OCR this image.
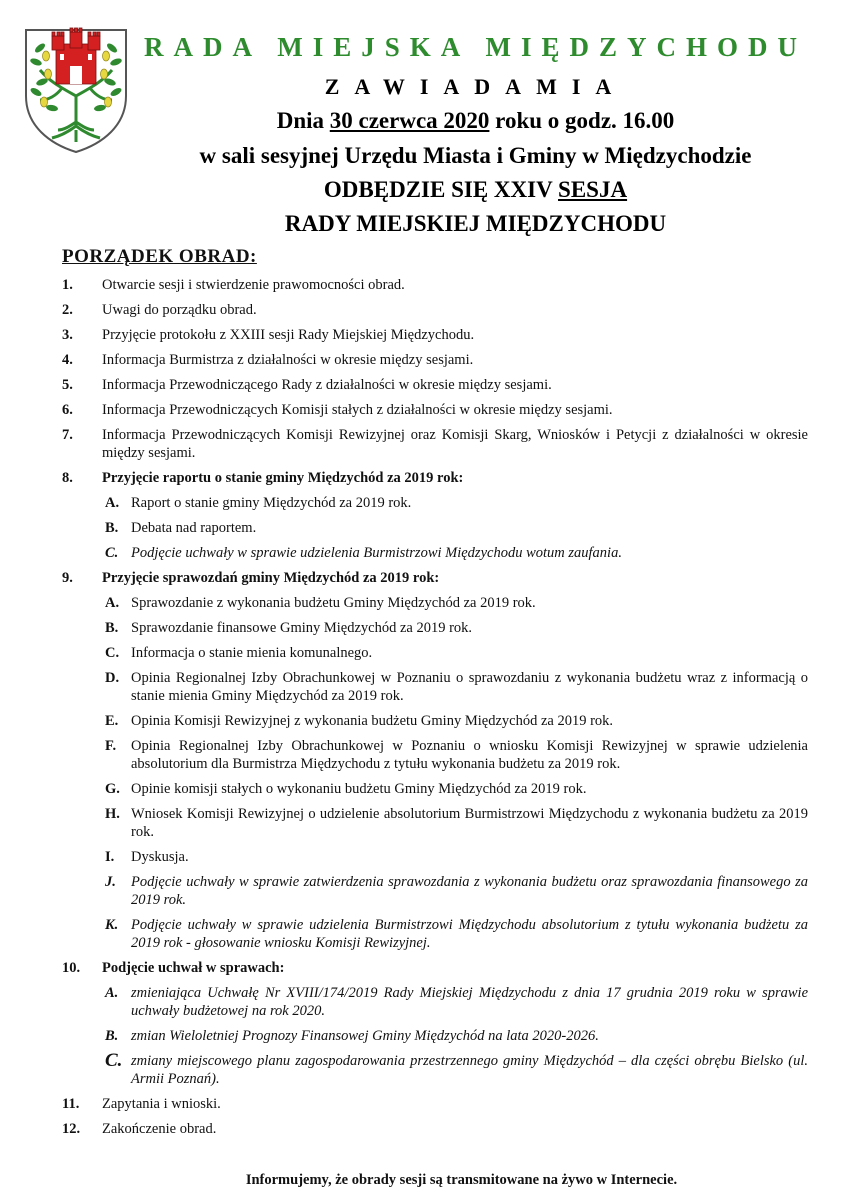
RADA MIEJSKA MIĘDZYCHODU
ZAWIADAMIA
Dnia 30 czerwca 2020 roku o godz. 16.00
w sali sesyjnej Urzędu Miasta i Gminy w Międzychodzie
ODBĘDZIE SIĘ XXIV SESJA
RADY MIEJSKIEJ MIĘDZYCHODU
PORZĄDEK OBRAD:
1.	Otwarcie sesji i stwierdzenie prawomocności obrad.
2.	Uwagi do porządku obrad.
3.	Przyjęcie protokołu z XXIII sesji Rady Miejskiej Międzychodu.
4.	Informacja Burmistrza z działalności w okresie między sesjami.
5.	Informacja Przewodniczącego Rady z działalności w okresie między sesjami.
6.	Informacja Przewodniczących Komisji stałych z działalności w okresie między sesjami.
7.	Informacja Przewodniczących Komisji Rewizyjnej oraz Komisji Skarg, Wniosków i Petycji z działalności w okresie między sesjami.
8.	Przyjęcie raportu o stanie gminy Międzychód za 2019 rok:
A. Raport o stanie gminy Międzychód za 2019 rok.
B. Debata nad raportem.
C. Podjęcie uchwały w sprawie udzielenia Burmistrzowi Międzychodu wotum zaufania.
9.	Przyjęcie sprawozdań gminy Międzychód za 2019 rok:
A. Sprawozdanie z wykonania budżetu Gminy Międzychód za 2019 rok.
B. Sprawozdanie finansowe Gminy Międzychód za 2019 rok.
C. Informacja o stanie mienia komunalnego.
D. Opinia Regionalnej Izby Obrachunkowej w Poznaniu o sprawozdaniu z wykonania budżetu wraz z informacją o stanie mienia Gminy Międzychód za 2019 rok.
E. Opinia Komisji Rewizyjnej z wykonania budżetu Gminy Międzychód za 2019 rok.
F.	Opinia Regionalnej Izby Obrachunkowej w Poznaniu o wniosku Komisji Rewizyjnej w sprawie udzielenia absolutorium dla Burmistrza Międzychodu z tytułu wykonania budżetu za 2019 rok.
G. Opinie komisji stałych o wykonaniu budżetu Gminy Międzychód za 2019 rok.
H. Wniosek Komisji Rewizyjnej o udzielenie absolutorium Burmistrzowi Międzychodu z wykonania budżetu za 2019 rok.
I.	Dyskusja.
J.	Podjęcie uchwały w sprawie zatwierdzenia sprawozdania z wykonania budżetu oraz sprawozdania finansowego za 2019 rok.
K. Podjęcie uchwały w sprawie udzielenia Burmistrzowi Międzychodu absolutorium z tytułu wykonania budżetu za 2019 rok - głosowanie wniosku Komisji Rewizyjnej.
10.	Podjęcie uchwał w sprawach:
A. zmieniająca Uchwałę Nr XVIII/174/2019 Rady Miejskiej Międzychodu z dnia 17 grudnia 2019 roku w sprawie uchwały budżetowej na rok 2020.
B. zmian Wieloletniej Prognozy Finansowej Gminy Międzychód na lata 2020-2026.
C. zmiany miejscowego planu zagospodarowania przestrzennego gminy Międzychód – dla części obrębu Bielsko (ul. Armii Poznań).
11.	Zapytania i wnioski.
12.	Zakończenie obrad.
Informujemy, że obrady sesji są transmitowane na żywo w Internecie.
